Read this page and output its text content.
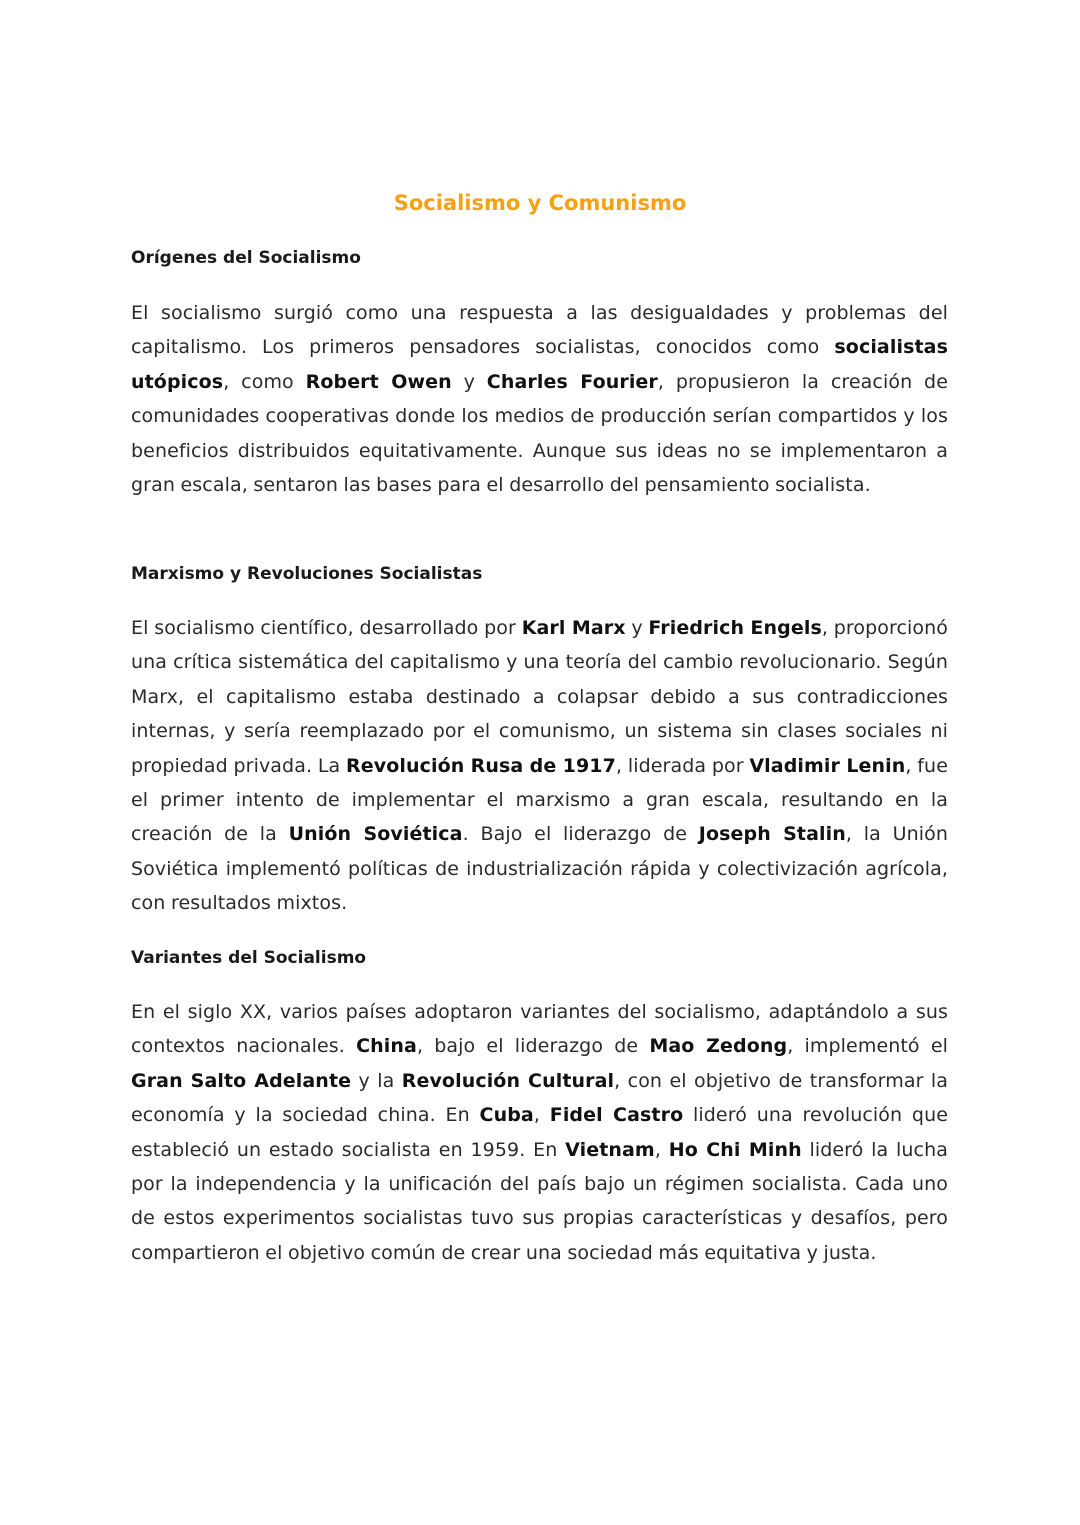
Socialismo y Comunismo
Orígenes del Socialismo

El socialismo surgió como una respuesta a las desigualdades y problemas del capitalismo. Los primeros pensadores socialistas, conocidos como socialistas utópicos, como Robert Owen y Charles Fourier, propusieron la creación de comunidades cooperativas donde los medios de producción serían compartidos y los beneficios distribuidos equitativamente. Aunque sus ideas no se implementaron a gran escala, sentaron las bases para el desarrollo del pensamiento socialista.

Marxismo y Revoluciones Socialistas

El socialismo científico, desarrollado por Karl Marx y Friedrich Engels, proporcionó una crítica sistemática del capitalismo y una teoría del cambio revolucionario. Según Marx, el capitalismo estaba destinado a colapsar debido a sus contradicciones internas, y sería reemplazado por el comunismo, un sistema sin clases sociales ni propiedad privada. La Revolución Rusa de 1917, liderada por Vladimir Lenin, fue el primer intento de implementar el marxismo a gran escala, resultando en la creación de la Unión Soviética. Bajo el liderazgo de Joseph Stalin, la Unión Soviética implementó políticas de industrialización rápida y colectivización agrícola, con resultados mixtos.

Variantes del Socialismo

En el siglo XX, varios países adoptaron variantes del socialismo, adaptándolo a sus contextos nacionales. China, bajo el liderazgo de Mao Zedong, implementó el Gran Salto Adelante y la Revolución Cultural, con el objetivo de transformar la economía y la sociedad china. En Cuba, Fidel Castro lideró una revolución que estableció un estado socialista en 1959. En Vietnam, Ho Chi Minh lideró la lucha por la independencia y la unificación del país bajo un régimen socialista. Cada uno de estos experimentos socialistas tuvo sus propias características y desafíos, pero compartieron el objetivo común de crear una sociedad más equitativa y justa.
